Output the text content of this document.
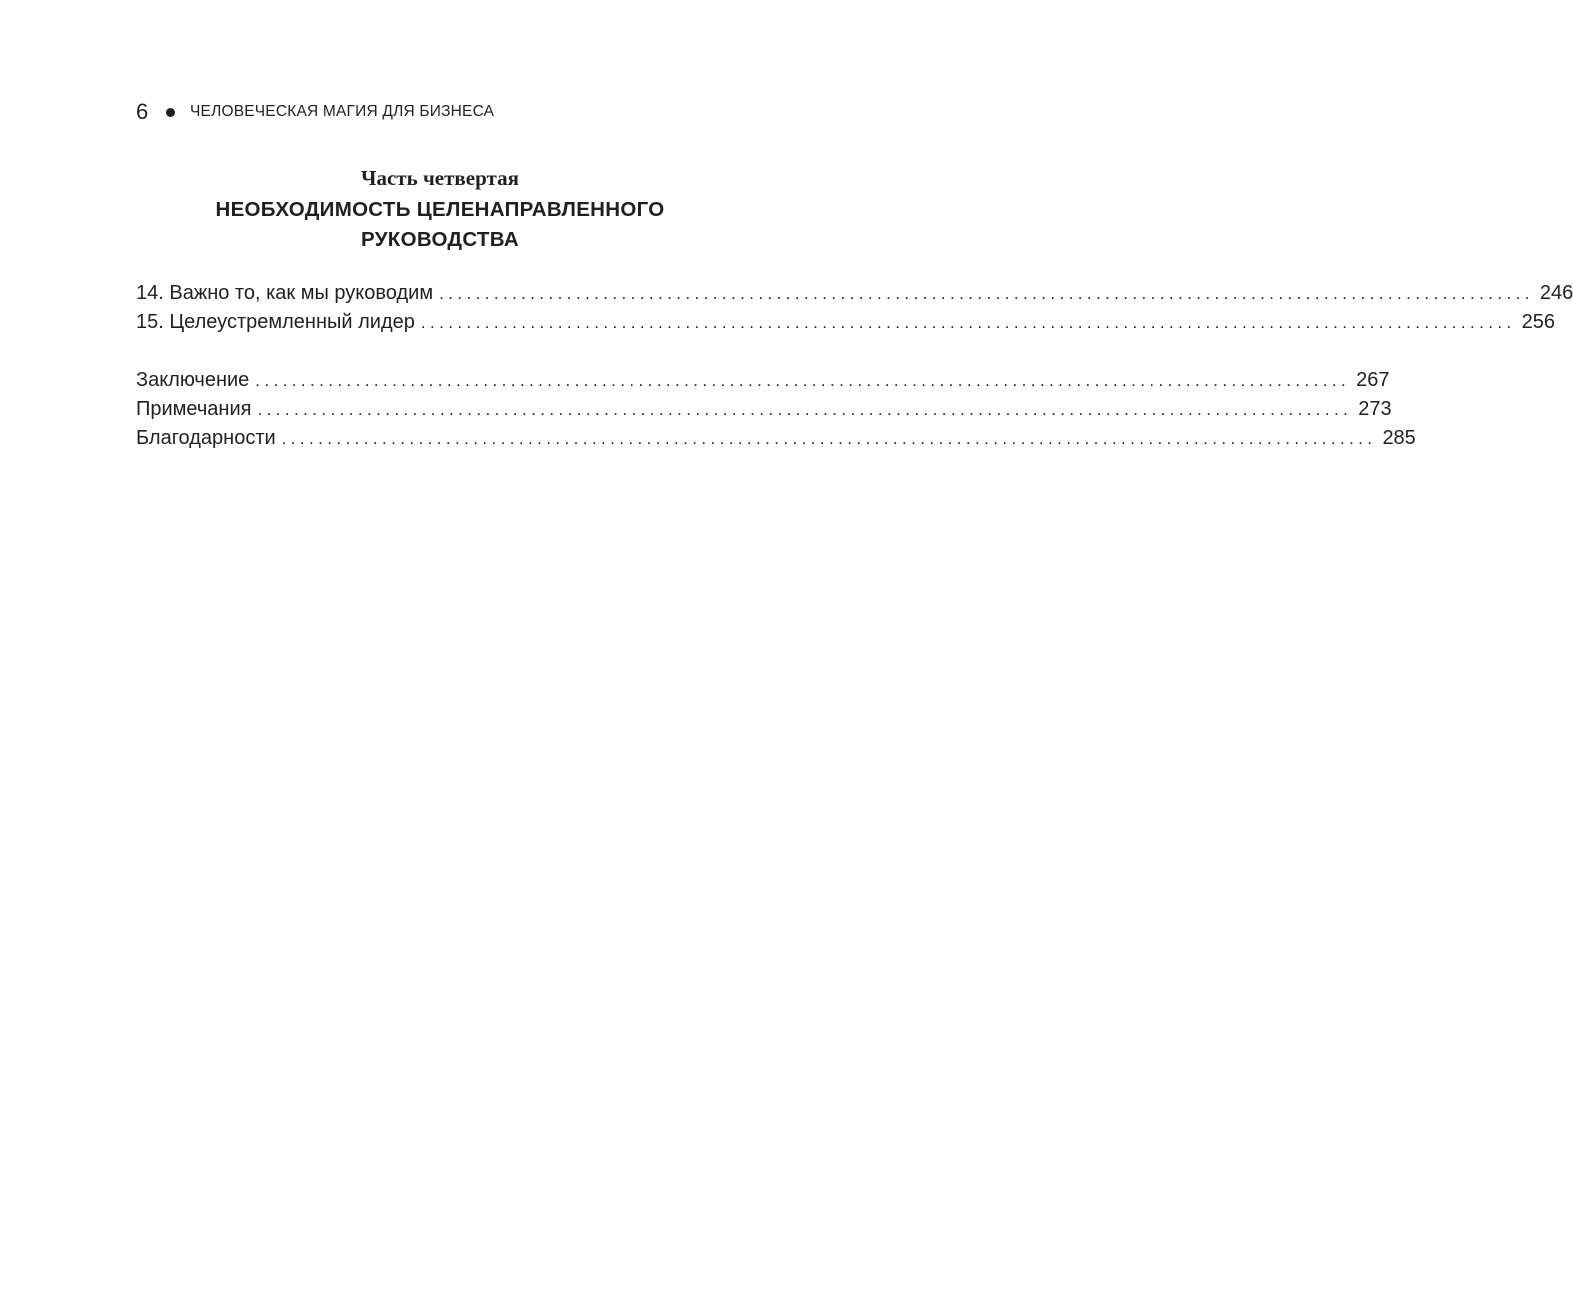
6	ЧЕЛОВЕЧЕСКАЯ МАГИЯ ДЛЯ БИЗНЕСА
Часть четвертая
НЕОБХОДИМОСТЬ ЦЕЛЕНАПРАВЛЕННОГО
РУКОВОДСТВА
14. Важно то, как мы руководим ........................................................................................................................ 246
15. Целеустремленный лидер ........................................................................................................................ 256
Заключение ........................................................................................................................ 267
Примечания ........................................................................................................................ 273
Благодарности ........................................................................................................................ 285
